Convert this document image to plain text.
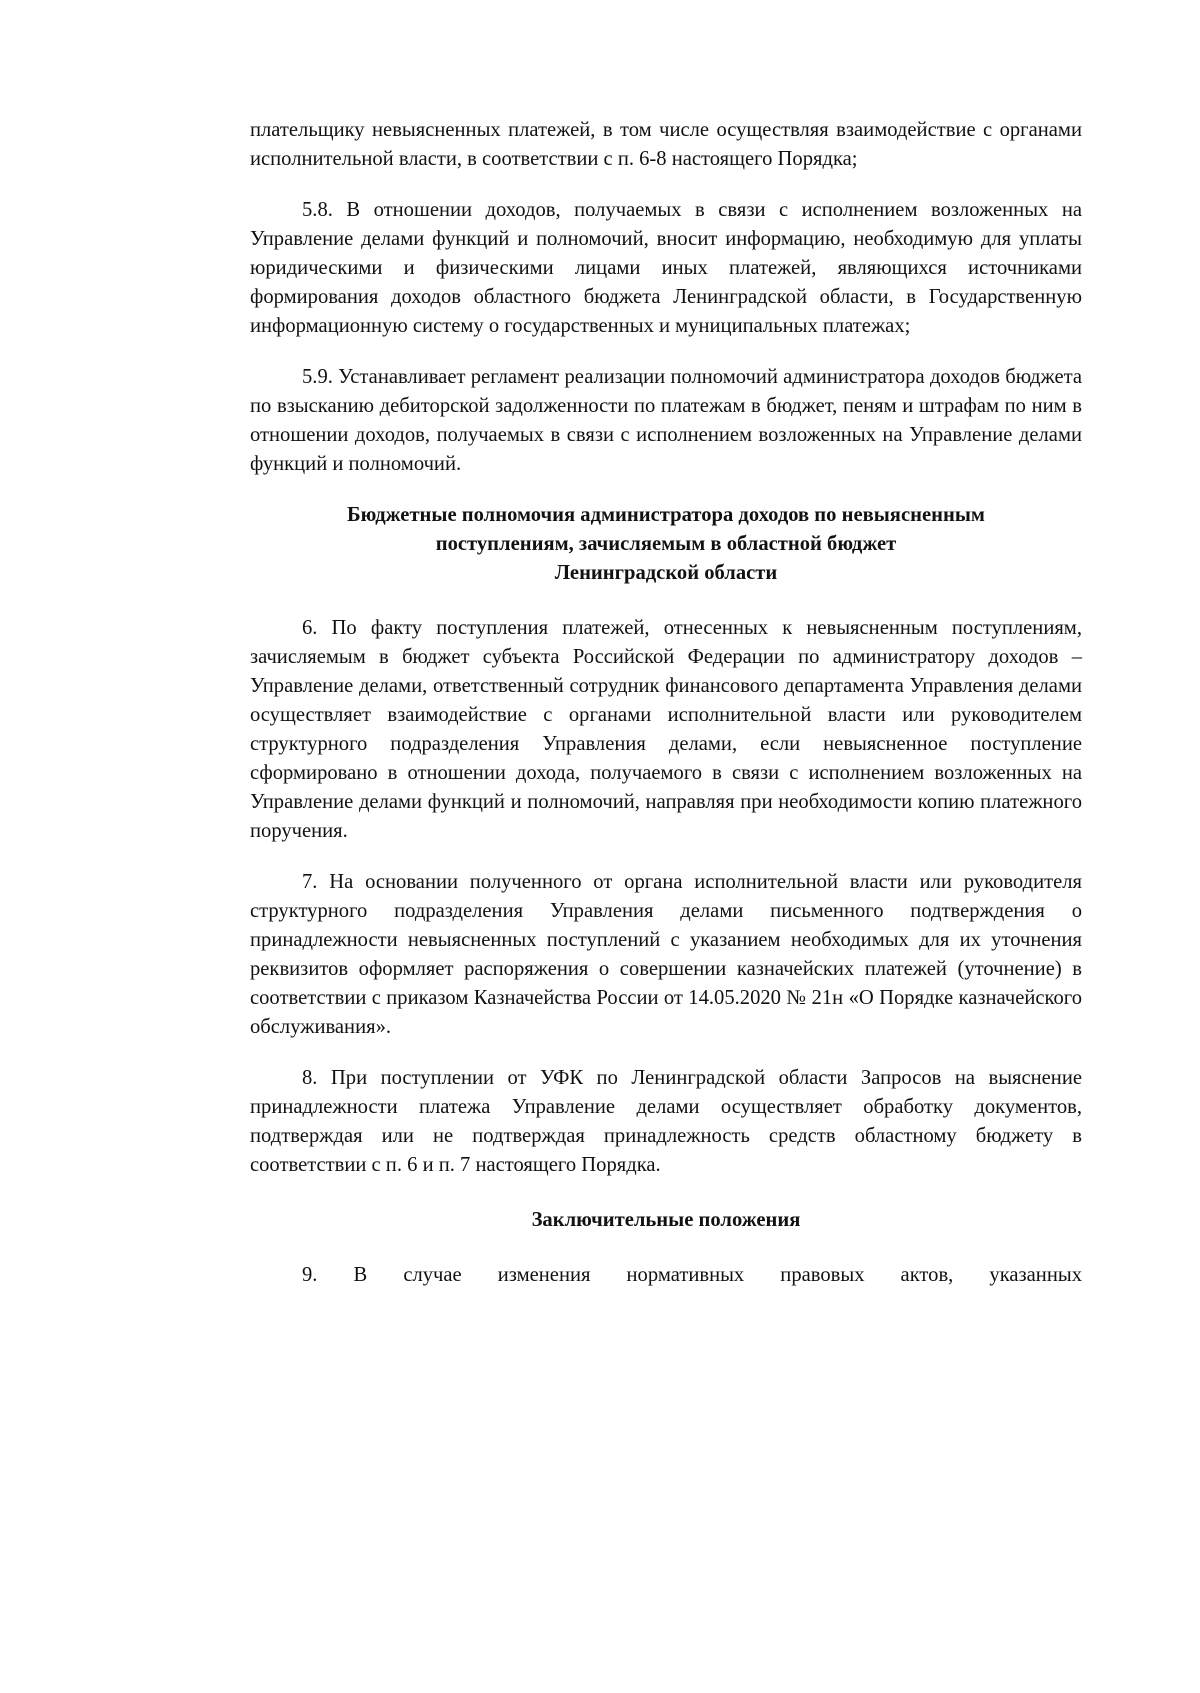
плательщику невыясненных платежей, в том числе осуществляя взаимодействие с органами исполнительной власти, в соответствии с п. 6-8 настоящего Порядка;

5.8. В отношении доходов, получаемых в связи с исполнением возложенных на Управление делами функций и полномочий, вносит информацию, необходимую для уплаты юридическими и физическими лицами иных платежей, являющихся источниками формирования доходов областного бюджета Ленинградской области, в Государственную информационную систему о государственных и муниципальных платежах;

5.9. Устанавливает регламент реализации полномочий администратора доходов бюджета по взысканию дебиторской задолженности по платежам в бюджет, пеням и штрафам по ним в отношении доходов, получаемых в связи с исполнением возложенных на Управление делами функций и полномочий.

Бюджетные полномочия администратора доходов по невыясненным

поступлениям, зачисляемым в областной бюджет

Ленинградской области

6. По факту поступления платежей, отнесенных к невыясненным поступлениям, зачисляемым в бюджет субъекта Российской Федерации по администратору доходов – Управление делами, ответственный сотрудник финансового департамента Управления делами осуществляет взаимодействие с органами исполнительной власти или руководителем структурного подразделения Управления делами, если невыясненное поступление сформировано в отношении дохода, получаемого в связи с исполнением возложенных на Управление делами функций и полномочий, направляя при необходимости копию платежного поручения.

7. На основании полученного от органа исполнительной власти или руководителя структурного подразделения Управления делами письменного подтверждения о принадлежности невыясненных поступлений с указанием необходимых для их уточнения реквизитов оформляет распоряжения о совершении казначейских платежей (уточнение) в соответствии с приказом Казначейства России от 14.05.2020 № 21н «О Порядке казначейского обслуживания».

8. При поступлении от УФК по Ленинградской области Запросов на выяснение принадлежности платежа Управление делами осуществляет обработку документов, подтверждая или не подтверждая принадлежность средств областному бюджету в соответствии с п. 6 и п. 7 настоящего Порядка.

Заключительные положения

9. В случае изменения нормативных правовых актов, указанных
